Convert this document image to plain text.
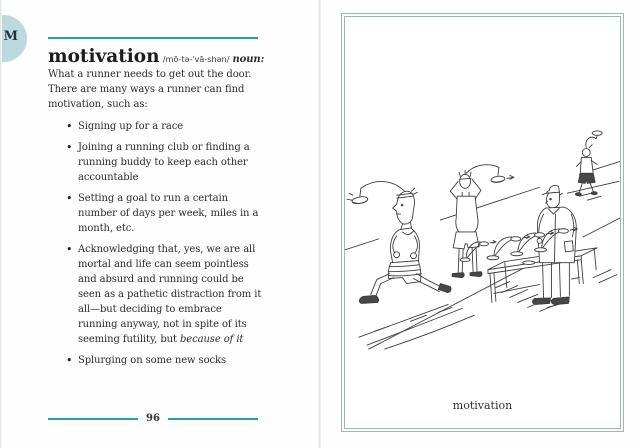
M

motivation /mō-tə-ˈvā-shən/ noun: What a runner needs to get out the door. There are many ways a runner can find motivation, such as:

• Signing up for a race
• Joining a running club or finding a running buddy to keep each other accountable
• Setting a goal to run a certain number of days per week, miles in a month, etc.
• Acknowledging that, yes, we are all mortal and life can seem pointless and absurd and running could be seen as a pathetic distraction from it all—but deciding to embrace running anyway, not in spite of its seeming futility, but because of it
• Splurging on some new socks
96
motivation
